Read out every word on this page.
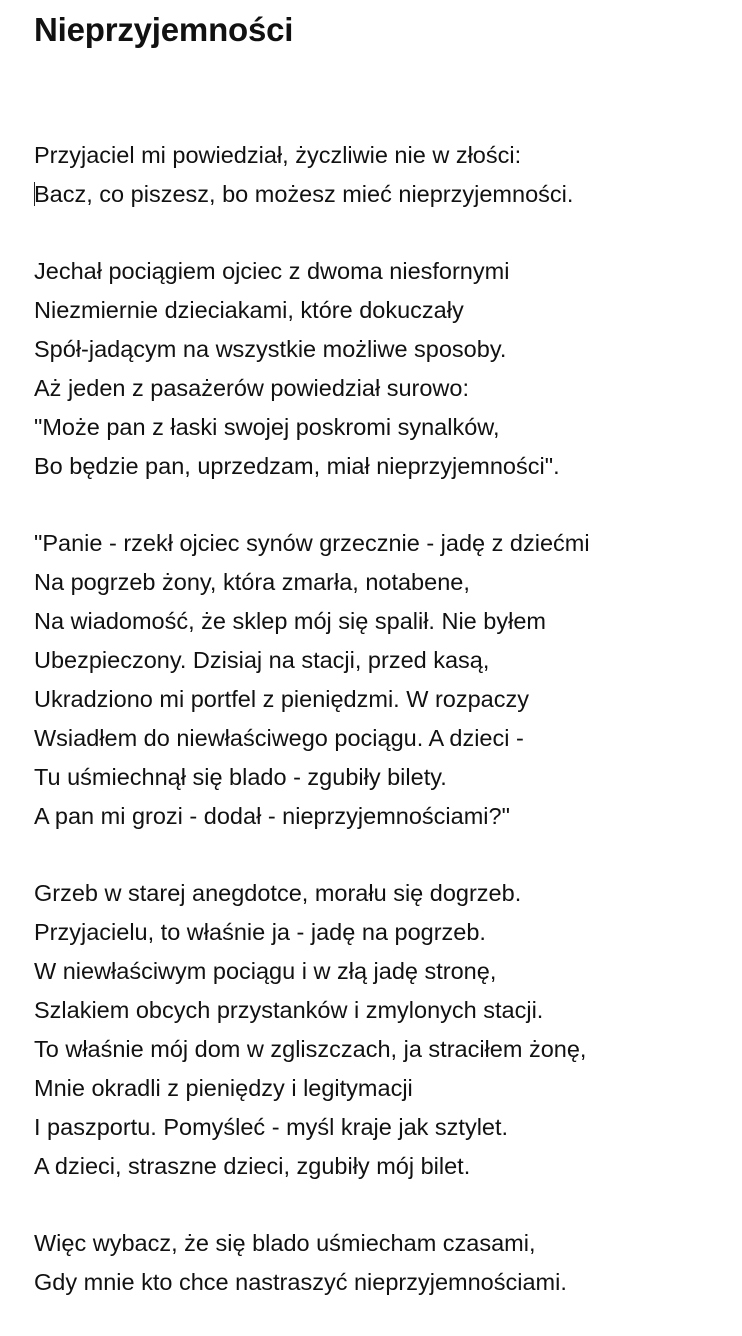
Nieprzyjemności
Przyjaciel mi powiedział, życzliwie nie w złości:
Bacz, co piszesz, bo możesz mieć nieprzyjemności.
Jechał pociągiem ojciec z dwoma niesfornymi
Niezmiernie dzieciakami, które dokuczały
Spół-jadącym na wszystkie możliwe sposoby.
Aż jeden z pasażerów powiedział surowo:
"Może pan z łaski swojej poskromi synalków,
Bo będzie pan, uprzedzam, miał nieprzyjemności".
"Panie - rzekł ojciec synów grzecznie - jadę z dziećmi
Na pogrzeb żony, która zmarła, notabene,
Na wiadomość, że sklep mój się spalił. Nie byłem
Ubezpieczony. Dzisiaj na stacji, przed kasą,
Ukradziono mi portfel z pieniędzmi. W rozpaczy
Wsiadłem do niewłaściwego pociągu. A dzieci -
Tu uśmiechnął się blado - zgubiły bilety.
A pan mi grozi - dodał - nieprzyjemnościami?"
Grzeb w starej anegdotce, morału się dogrzeb.
Przyjacielu, to właśnie ja - jadę na pogrzeb.
W niewłaściwym pociągu i w złą jadę stronę,
Szlakiem obcych przystanków i zmylonych stacji.
To właśnie mój dom w zgliszczach, ja straciłem żonę,
Mnie okradli z pieniędzy i legitymacji
I paszportu. Pomyśleć - myśl kraje jak sztylet.
A dzieci, straszne dzieci, zgubiły mój bilet.
Więc wybacz, że się blado uśmiecham czasami,
Gdy mnie kto chce nastraszyć nieprzyjemnościami.
